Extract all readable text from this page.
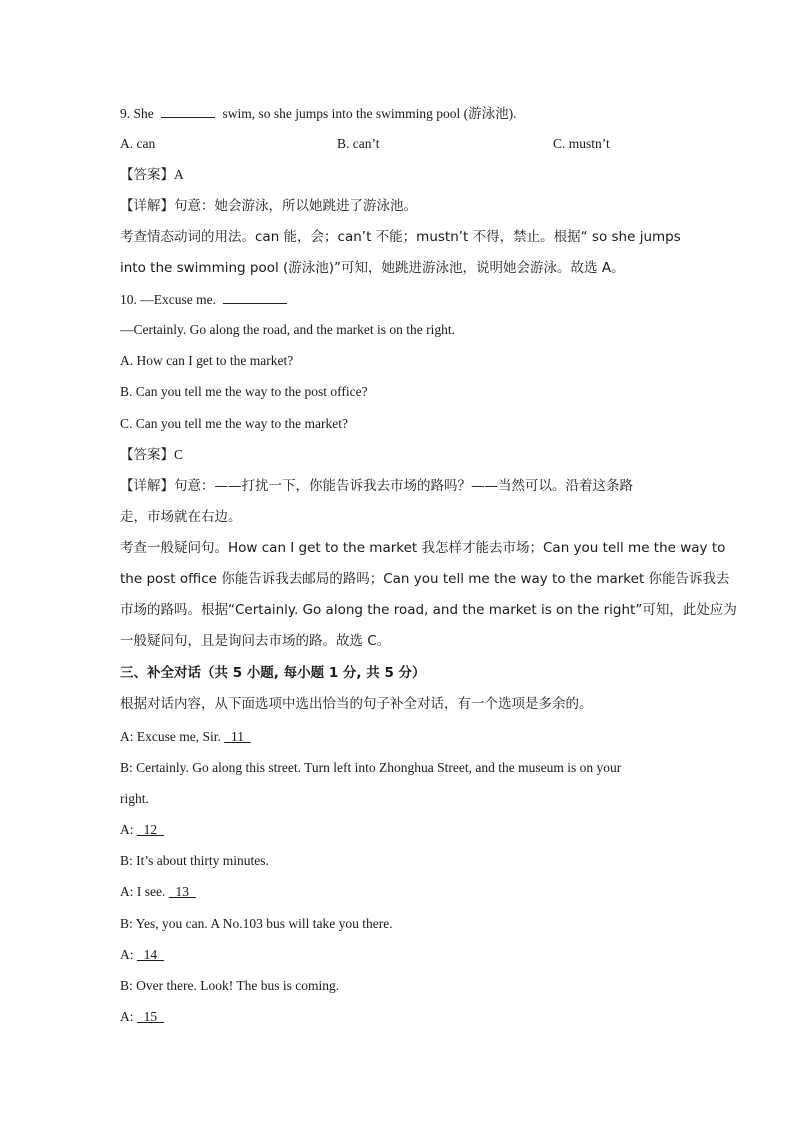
9. She	swim, so she jumps into the swimming pool (游泳池).
A. can	B. can’t	C. mustn’t
【答案】A
【详解】句意：她会游泳，所以她跳进了游泳池。
考查情态动词的用法。can 能，会；can’t 不能；mustn’t 不得，禁止。根据“ so she jumps
into the swimming pool (游泳池)”可知，她跳进游泳池，说明她会游泳。故选 A。
10. —Excuse me.
—Certainly. Go along the road, and the market is on the right.
A. How can I get to the market?
B. Can you tell me the way to the post office?
C. Can you tell me the way to the market?
【答案】C
【详解】句意：——打扰一下，你能告诉我去市场的路吗？——当然可以。沿着这条路
走，市场就在右边。
考查一般疑问句。How can I get to the market 我怎样才能去市场；Can you tell me the way to
the post office 你能告诉我去邮局的路吗；Can you tell me the way to the market 你能告诉我去
市场的路吗。根据“Certainly. Go along the road, and the market is on the right”可知，此处应为
一般疑问句，且是询问去市场的路。故选 C。
三、补全对话（共 5 小题, 每小题 1 分, 共 5 分）
根据对话内容，从下面选项中选出恰当的句子补全对话，有一个选项是多余的。
A: Excuse me, Sir.   11
B: Certainly. Go along this street. Turn left into Zhonghua Street, and the museum is on your
right.
A:   12
B: It’s about thirty minutes.
A: I see.   13
B: Yes, you can. A No.103 bus will take you there.
A:   14
B: Over there. Look! The bus is coming.
A:   15
